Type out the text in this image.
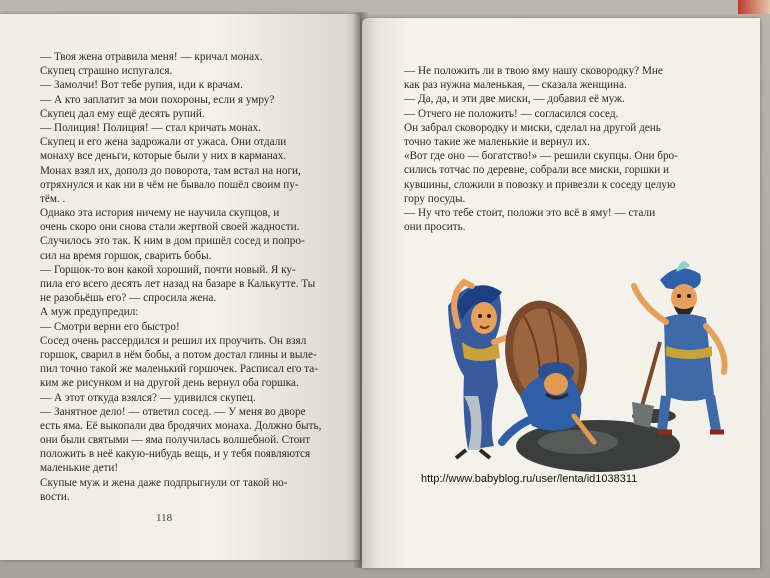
— Твоя жена отравила меня! — кричал монах.
Скупец страшно испугался.
— Замолчи! Вот тебе рупия, иди к врачам.
— А кто заплатит за мои похороны, если я умру?
Скупец дал ему ещё десять рупий.
— Полиция! Полиция! — стал кричать монах.
Скупец и его жена задрожали от ужаса. Они отдали
монаху все деньги, которые были у них в карманах.
Монах взял их, дополз до поворота, там встал на ноги,
отряхнулся и как ни в чём не бывало пошёл своим пу-
тём. .
Однако эта история ничему не научила скупцов, и
очень скоро они снова стали жертвой своей жадности.
Случилось это так. К ним в дом пришёл сосед и попро-
сил на время горшок, сварить бобы.
— Горшок-то вон какой хороший, почти новый. Я ку-
пила его всего десять лет назад на базаре в Калькутте. Ты
не разобьёшь его? — спросила жена.
А муж предупредил:
— Смотри верни его быстро!
Сосед очень рассердился и решил их проучить. Он взял
горшок, сварил в нём бобы, а потом достал глины и выле-
пил точно такой же маленький горшочек. Расписал его та-
ким же рисунком и на другой день вернул оба горшка.
— А этот откуда взялся? — удивился скупец.
— Занятное дело! — ответил сосед. — У меня во дворе
есть яма. Её выкопали два бродячих монаха. Должно быть,
они были святыми — яма получилась волшебной. Стоит
положить в неё какую-нибудь вещь, и у тебя появляются
маленькие дети!
Скупые муж и жена даже подпрыгнули от такой но-
вости.
118
— Не положить ли в твою яму нашу сковородку? Мне
как раз нужна маленькая, — сказала женщина.
— Да, да, и эти две миски, — добавил её муж.
— Отчего не положить! — согласился сосед.
Он забрал сковородку и миски, сделал на другой день
точно такие же маленькие и вернул их.
«Вот где оно — богатство!» — решили скупцы. Они бро-
сились тотчас по деревне, собрали все миски, горшки и
кувшины, сложили в повозку и привезли к соседу целую
гору посуды.
— Ну что тебе стоит, положи это всё в яму! — стали
они просить.
http://www.babyblog.ru/user/lenta/id1038311
